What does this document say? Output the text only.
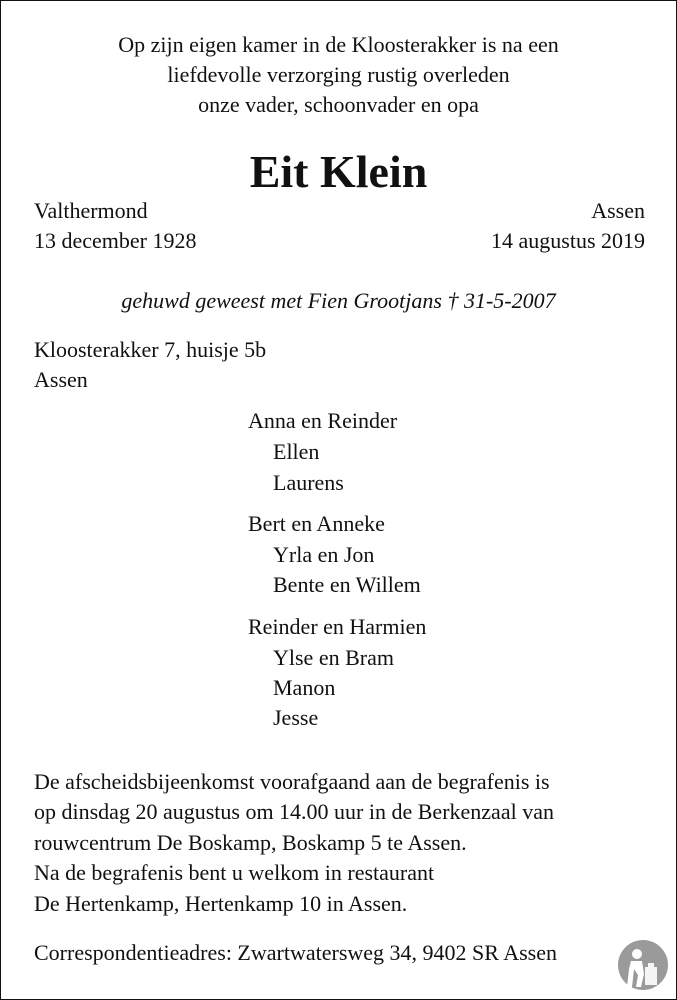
Op zijn eigen kamer in de Kloosterakker is na een
liefdevolle verzorging rustig overleden
onze vader, schoonvader en opa
Eit Klein
Valthermond	Assen
13 december 1928	14 augustus 2019
gehuwd geweest met Fien Grootjans † 31-5-2007
Kloosterakker 7, huisje 5b
Assen
Anna en Reinder
Ellen
Laurens
Bert en Anneke
Yrla en Jon
Bente en Willem
Reinder en Harmien
Ylse en Bram
Manon
Jesse
De afscheidsbijeenkomst voorafgaand aan de begrafenis is
op dinsdag 20 augustus om 14.00 uur in de Berkenzaal van
rouwcentrum De Boskamp, Boskamp 5 te Assen.
Na de begrafenis bent u welkom in restaurant
De Hertenkamp, Hertenkamp 10 in Assen.
Correspondentieadres: Zwartwatersweg 34, 9402 SR Assen
